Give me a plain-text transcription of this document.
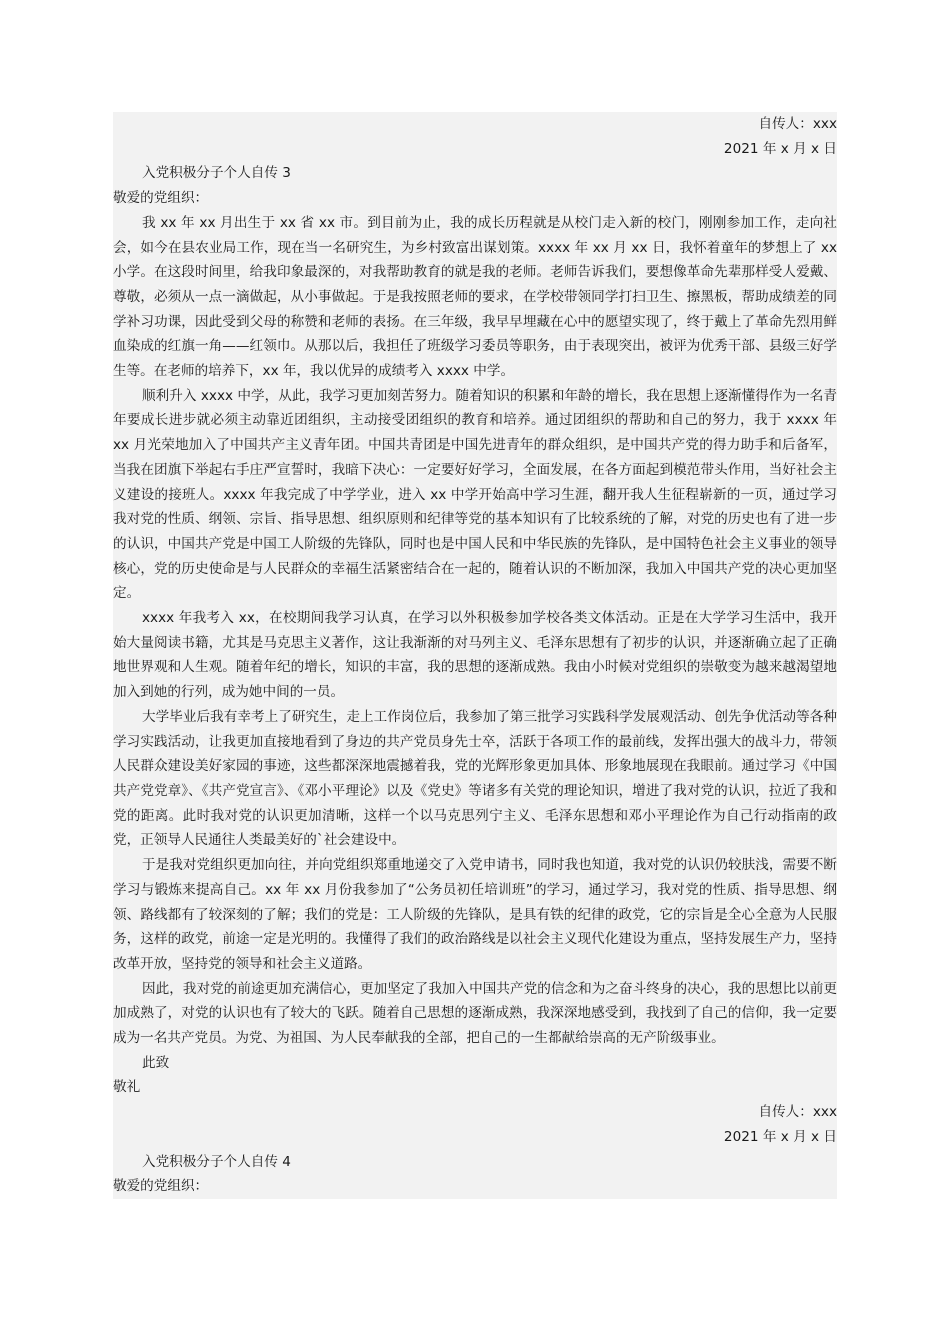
自传人：xxx
2021 年 x 月 x 日
入党积极分子个人自传 3
敬爱的党组织：

我 xx 年 xx 月出生于 xx 省 xx 市。到目前为止，我的成长历程就是从校门走入新的校门，刚刚参加工作，走向社会，如今在县农业局工作，现在当一名研究生，为乡村致富出谋划策。xxxx 年 xx 月 xx 日，我怀着童年的梦想上了 xx 小学。在这段时间里，给我印象最深的，对我帮助教育的就是我的老师。老师告诉我们，要想像革命先辈那样受人爱戴、尊敬，必须从一点一滴做起，从小事做起。于是我按照老师的要求，在学校带领同学打扫卫生、擦黑板，帮助成绩差的同学补习功课，因此受到父母的称赞和老师的表扬。在三年级，我早早埋藏在心中的愿望实现了，终于戴上了革命先烈用鲜血染成的红旗一角——红领巾。从那以后，我担任了班级学习委员等职务，由于表现突出，被评为优秀干部、县级三好学生等。在老师的培养下，xx 年，我以优异的成绩考入 xxxx 中学。

顺利升入 xxxx 中学，从此，我学习更加刻苦努力。随着知识的积累和年龄的增长，我在思想上逐渐懂得作为一名青年要成长进步就必须主动靠近团组织，主动接受团组织的教育和培养。通过团组织的帮助和自己的努力，我于 xxxx 年 xx 月光荣地加入了中国共产主义青年团。中国共青团是中国先进青年的群众组织，是中国共产党的得力助手和后备军，当我在团旗下举起右手庄严宣誓时，我暗下决心：一定要好好学习，全面发展，在各方面起到模范带头作用，当好社会主义建设的接班人。xxxx 年我完成了中学学业，进入 xx 中学开始高中学习生涯，翻开我人生征程崭新的一页，通过学习我对党的性质、纲领、宗旨、指导思想、组织原则和纪律等党的基本知识有了比较系统的了解，对党的历史也有了进一步的认识，中国共产党是中国工人阶级的先锋队，同时也是中国人民和中华民族的先锋队，是中国特色社会主义事业的领导核心，党的历史使命是与人民群众的幸福生活紧密结合在一起的，随着认识的不断加深，我加入中国共产党的决心更加坚定。

xxxx 年我考入 xx，在校期间我学习认真，在学习以外积极参加学校各类文体活动。正是在大学学习生活中，我开始大量阅读书籍，尤其是马克思主义著作，这让我渐渐的对马列主义、毛泽东思想有了初步的认识，并逐渐确立起了正确地世界观和人生观。随着年纪的增长，知识的丰富，我的思想的逐渐成熟。我由小时候对党组织的崇敬变为越来越渴望地加入到她的行列，成为她中间的一员。

大学毕业后我有幸考上了研究生，走上工作岗位后，我参加了第三批学习实践科学发展观活动、创先争优活动等各种学习实践活动，让我更加直接地看到了身边的共产党员身先士卒，活跃于各项工作的最前线，发挥出强大的战斗力，带领人民群众建设美好家园的事迹，这些都深深地震撼着我，党的光辉形象更加具体、形象地展现在我眼前。通过学习《中国共产党党章》、《共产党宣言》、《邓小平理论》以及《党史》等诸多有关党的理论知识，增进了我对党的认识，拉近了我和党的距离。此时我对党的认识更加清晰，这样一个以马克思列宁主义、毛泽东思想和邓小平理论作为自己行动指南的政党，正领导人民通往人类最美好的`社会建设中。

于是我对党组织更加向往，并向党组织郑重地递交了入党申请书，同时我也知道，我对党的认识仍较肤浅，需要不断学习与锻炼来提高自己。xx 年 xx 月份我参加了“公务员初任培训班”的学习，通过学习，我对党的性质、指导思想、纲领、路线都有了较深刻的了解；我们的党是：工人阶级的先锋队，是具有铁的纪律的政党，它的宗旨是全心全意为人民服务，这样的政党，前途一定是光明的。我懂得了我们的政治路线是以社会主义现代化建设为重点，坚持发展生产力，坚持改革开放，坚持党的领导和社会主义道路。

因此，我对党的前途更加充满信心，更加坚定了我加入中国共产党的信念和为之奋斗终身的决心，我的思想比以前更加成熟了，对党的认识也有了较大的飞跃。随着自己思想的逐渐成熟，我深深地感受到，我找到了自己的信仰，我一定要成为一名共产党员。为党、为祖国、为人民奉献我的全部，把自己的一生都献给崇高的无产阶级事业。

此致
敬礼
自传人：xxx
2021 年 x 月 x 日
入党积极分子个人自传 4
敬爱的党组织：
